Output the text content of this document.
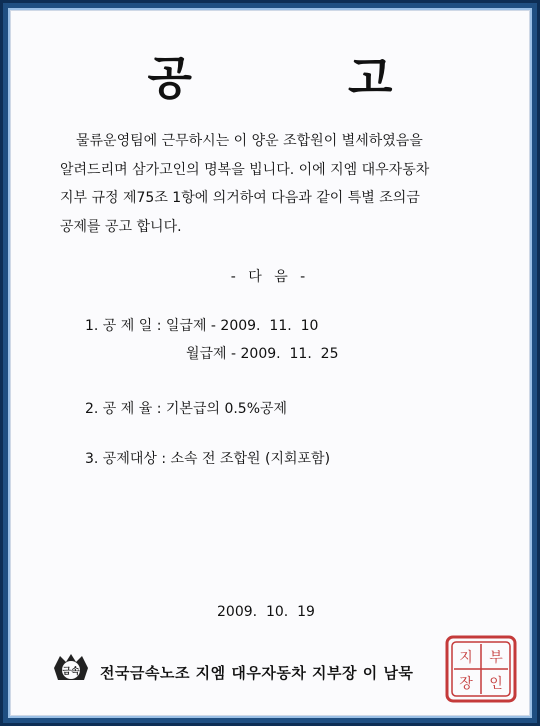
공 고
물류운영팀에 근무하시는 이 양운 조합원이 별세하였음을
알려드리며 삼가고인의 명복을 빕니다. 이에 지엠 대우자동차
지부 규정 제75조 1항에 의거하여 다음과 같이 특별 조의금
공제를 공고 합니다.
- 다 음 -
1. 공 제 일 : 일급제 - 2009.  11.  10
월급제 - 2009.  11.  25
2. 공 제 율 : 기본급의 0.5%공제
3. 공제대상 : 소속 전 조합원 (지회포함)
2009.  10.  19
금속 전국금속노조 지엠 대우자동차 지부장 이 남묵
지 부
장 인
